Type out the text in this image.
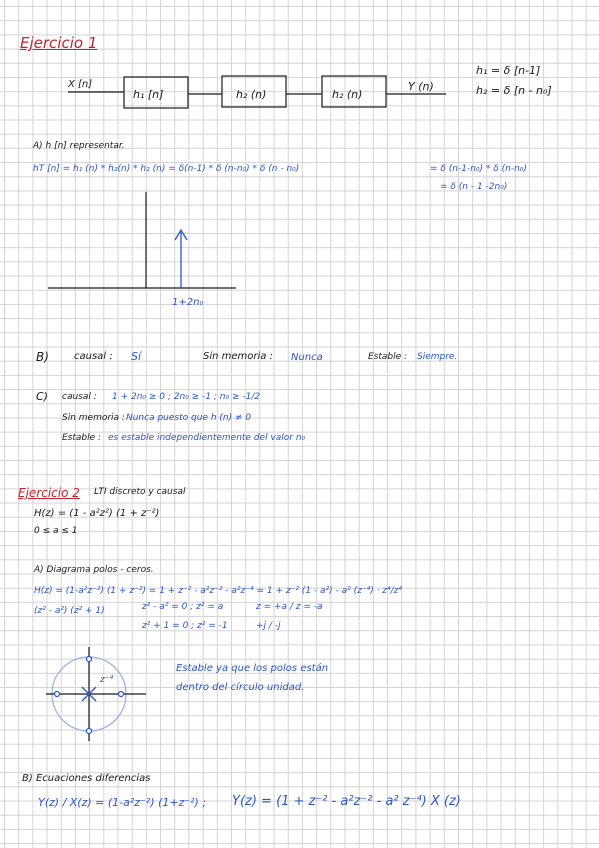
Ejercicio 1
X [n]
h₁ [n]	h₂ (n)	h₂ (n)
Y (n)
h₁ = δ [n-1]
h₂ = δ [n - n₀]
A) h [n] representar.
hT [n] = h₁ (n) * h₂(n) * h₂ (n) = δ(n-1) * δ (n-n₀) * δ (n - n₀)	= δ (n-1-n₀) * δ (n-n₀)
= δ (n - 1 -2n₀)
1+2n₀
B)	causal : Sí	Sin memoria : Nunca	Estable : Siempre.
C) causal : 1 + 2n₀ ≥ 0 ; 2n₀ ≥ -1 ; n₀ ≥ -1/2
Sin memoria : Nunca puesto que h (n) ≠ 0
Estable : es estable independientemente del valor n₀
Ejercicio 2 LTI discreto y causal
H(z) = (1 - a²z²) (1 + z⁻²)
0 ≤ a ≤ 1
A) Diagrama polos - ceros.
H(z) = (1-a²z⁻²) (1 + z⁻²) = 1 + z⁻² - a²z⁻² - a²z⁻⁴ = 1 + z⁻² (1 - a²) - a² (z⁻⁴) · z⁴/z⁴
(z² - a²) (z² + 1)	z² - a² = 0 ; z² = a	z = +a / z = -a
z² + 1 = 0 ; z² = -1	+j / -j
z⁻⁴
Estable ya que los polos están
dentro del círculo unidad.
B) Ecuaciones diferencias
Y(z) / X(z) = (1-a²z⁻²) (1+z⁻²) ; Y(z) = (1 + z⁻² - a²z⁻² - a² z⁻⁴) X (z)
